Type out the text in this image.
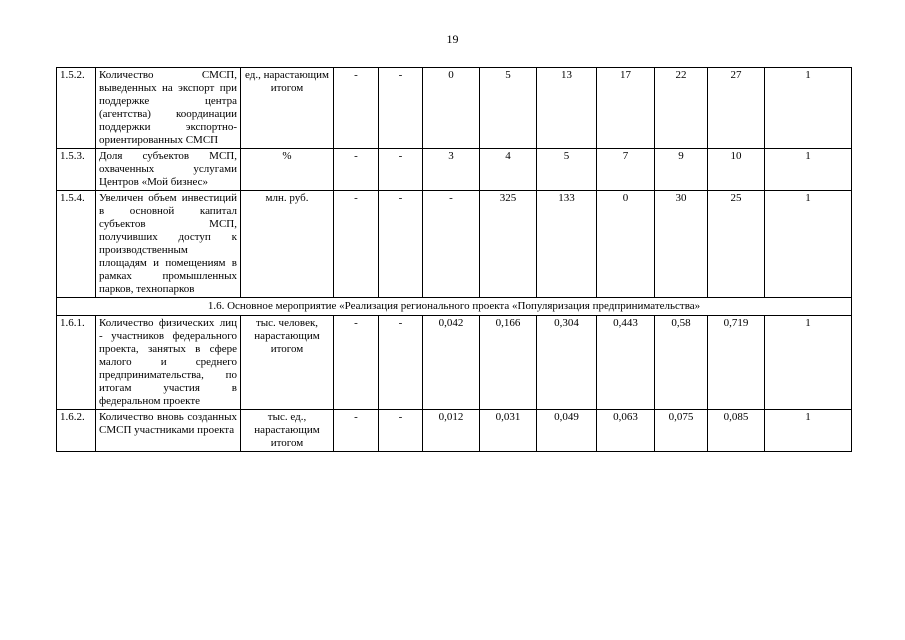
19
1.5.2.	Количество СМСП, выведенных на экспорт при поддержке центра (агентства) координации поддержки экспортно-ориентированных СМСП	ед., нарастающим итогом	-	-	0	5	13	17	22	27	1
1.5.3.	Доля субъектов МСП, охваченных услугами Центров «Мой бизнес»	%	-	-	3	4	5	7	9	10	1
1.5.4.	Увеличен объем инвестиций в основной капитал субъектов МСП, получивших доступ к производственным площадям и помещениям в рамках промышленных парков, технопарков	млн. руб.	-	-	-	325	133	0	30	25	1
1.6. Основное мероприятие «Реализация регионального проекта «Популяризация предпринимательства»											
1.6.1.	Количество физических лиц - участников федерального проекта, занятых в сфере малого и среднего предпринимательства, по итогам участия в федеральном проекте	тыс. человек, нарастающим итогом	-	-	0,042	0,166	0,304	0,443	0,58	0,719	1
1.6.2.	Количество вновь созданных СМСП участниками проекта	тыс. ед., нарастающим итогом	-	-	0,012	0,031	0,049	0,063	0,075	0,085	1
